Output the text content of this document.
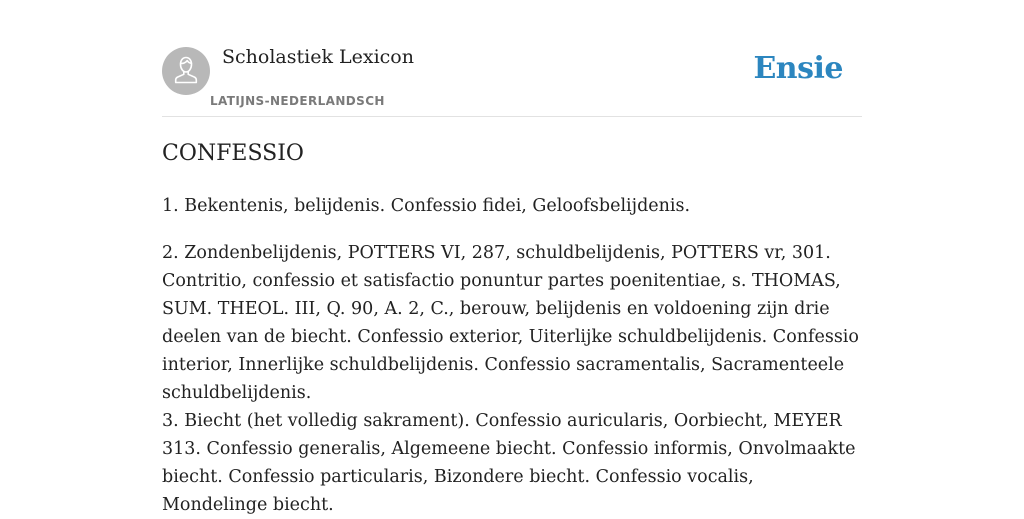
Scholastiek Lexicon
LATIJNS-NEDERLANDSCH
Ensie
CONFESSIO

1. Bekentenis, belijdenis. Confessio fidei, Geloofsbelijdenis.

2. Zondenbelijdenis, POTTERS VI, 287, schuldbelijdenis, POTTERS vr, 301. Contritio, confessio et satisfactio ponuntur partes poenitentiae, s. THOMAS, SUM. THEOL. III, Q. 90, A. 2, C., berouw, belijdenis en voldoening zijn drie deelen van de biecht. Confessio exterior, Uiterlijke schuldbelijdenis. Confessio interior, Innerlijke schuldbelijdenis. Confessio sacramentalis, Sacramenteele schuldbelijdenis.

3. Biecht (het volledig sakrament). Confessio auricularis, Oorbiecht, MEYER 313. Confessio generalis, Algemeene biecht. Confessio informis, Onvolmaakte biecht. Confessio particularis, Bizondere biecht. Confessio vocalis, Mondelinge biecht.
